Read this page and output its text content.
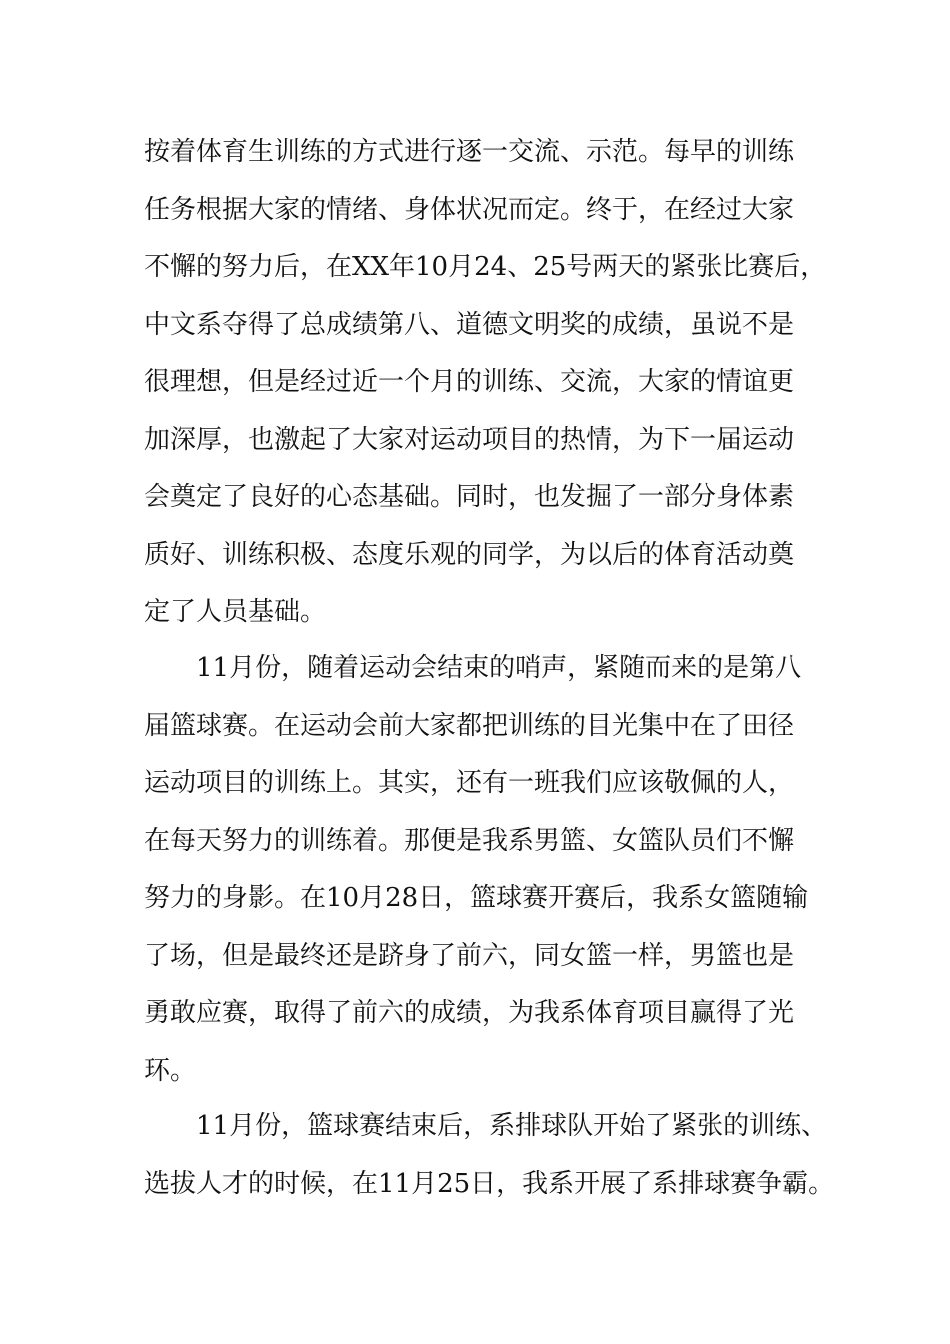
按着体育生训练的方式进行逐一交流、示范。每早的训练
任务根据大家的情绪、身体状况而定。终于，在经过大家
不懈的努力后，在XX年10月24、25号两天的紧张比赛后，
中文系夺得了总成绩第八、道德文明奖的成绩，虽说不是
很理想，但是经过近一个月的训练、交流，大家的情谊更
加深厚，也激起了大家对运动项目的热情，为下一届运动
会奠定了良好的心态基础。同时，也发掘了一部分身体素
质好、训练积极、态度乐观的同学，为以后的体育活动奠
定了人员基础。
11月份，随着运动会结束的哨声，紧随而来的是第八
届篮球赛。在运动会前大家都把训练的目光集中在了田径
运动项目的训练上。其实，还有一班我们应该敬佩的人，
在每天努力的训练着。那便是我系男篮、女篮队员们不懈
努力的身影。在10月28日，篮球赛开赛后，我系女篮随输
了场，但是最终还是跻身了前六，同女篮一样，男篮也是
勇敢应赛，取得了前六的成绩，为我系体育项目赢得了光
环。
11月份，篮球赛结束后，系排球队开始了紧张的训练、
选拔人才的时候，在11月25日，我系开展了系排球赛争霸。
